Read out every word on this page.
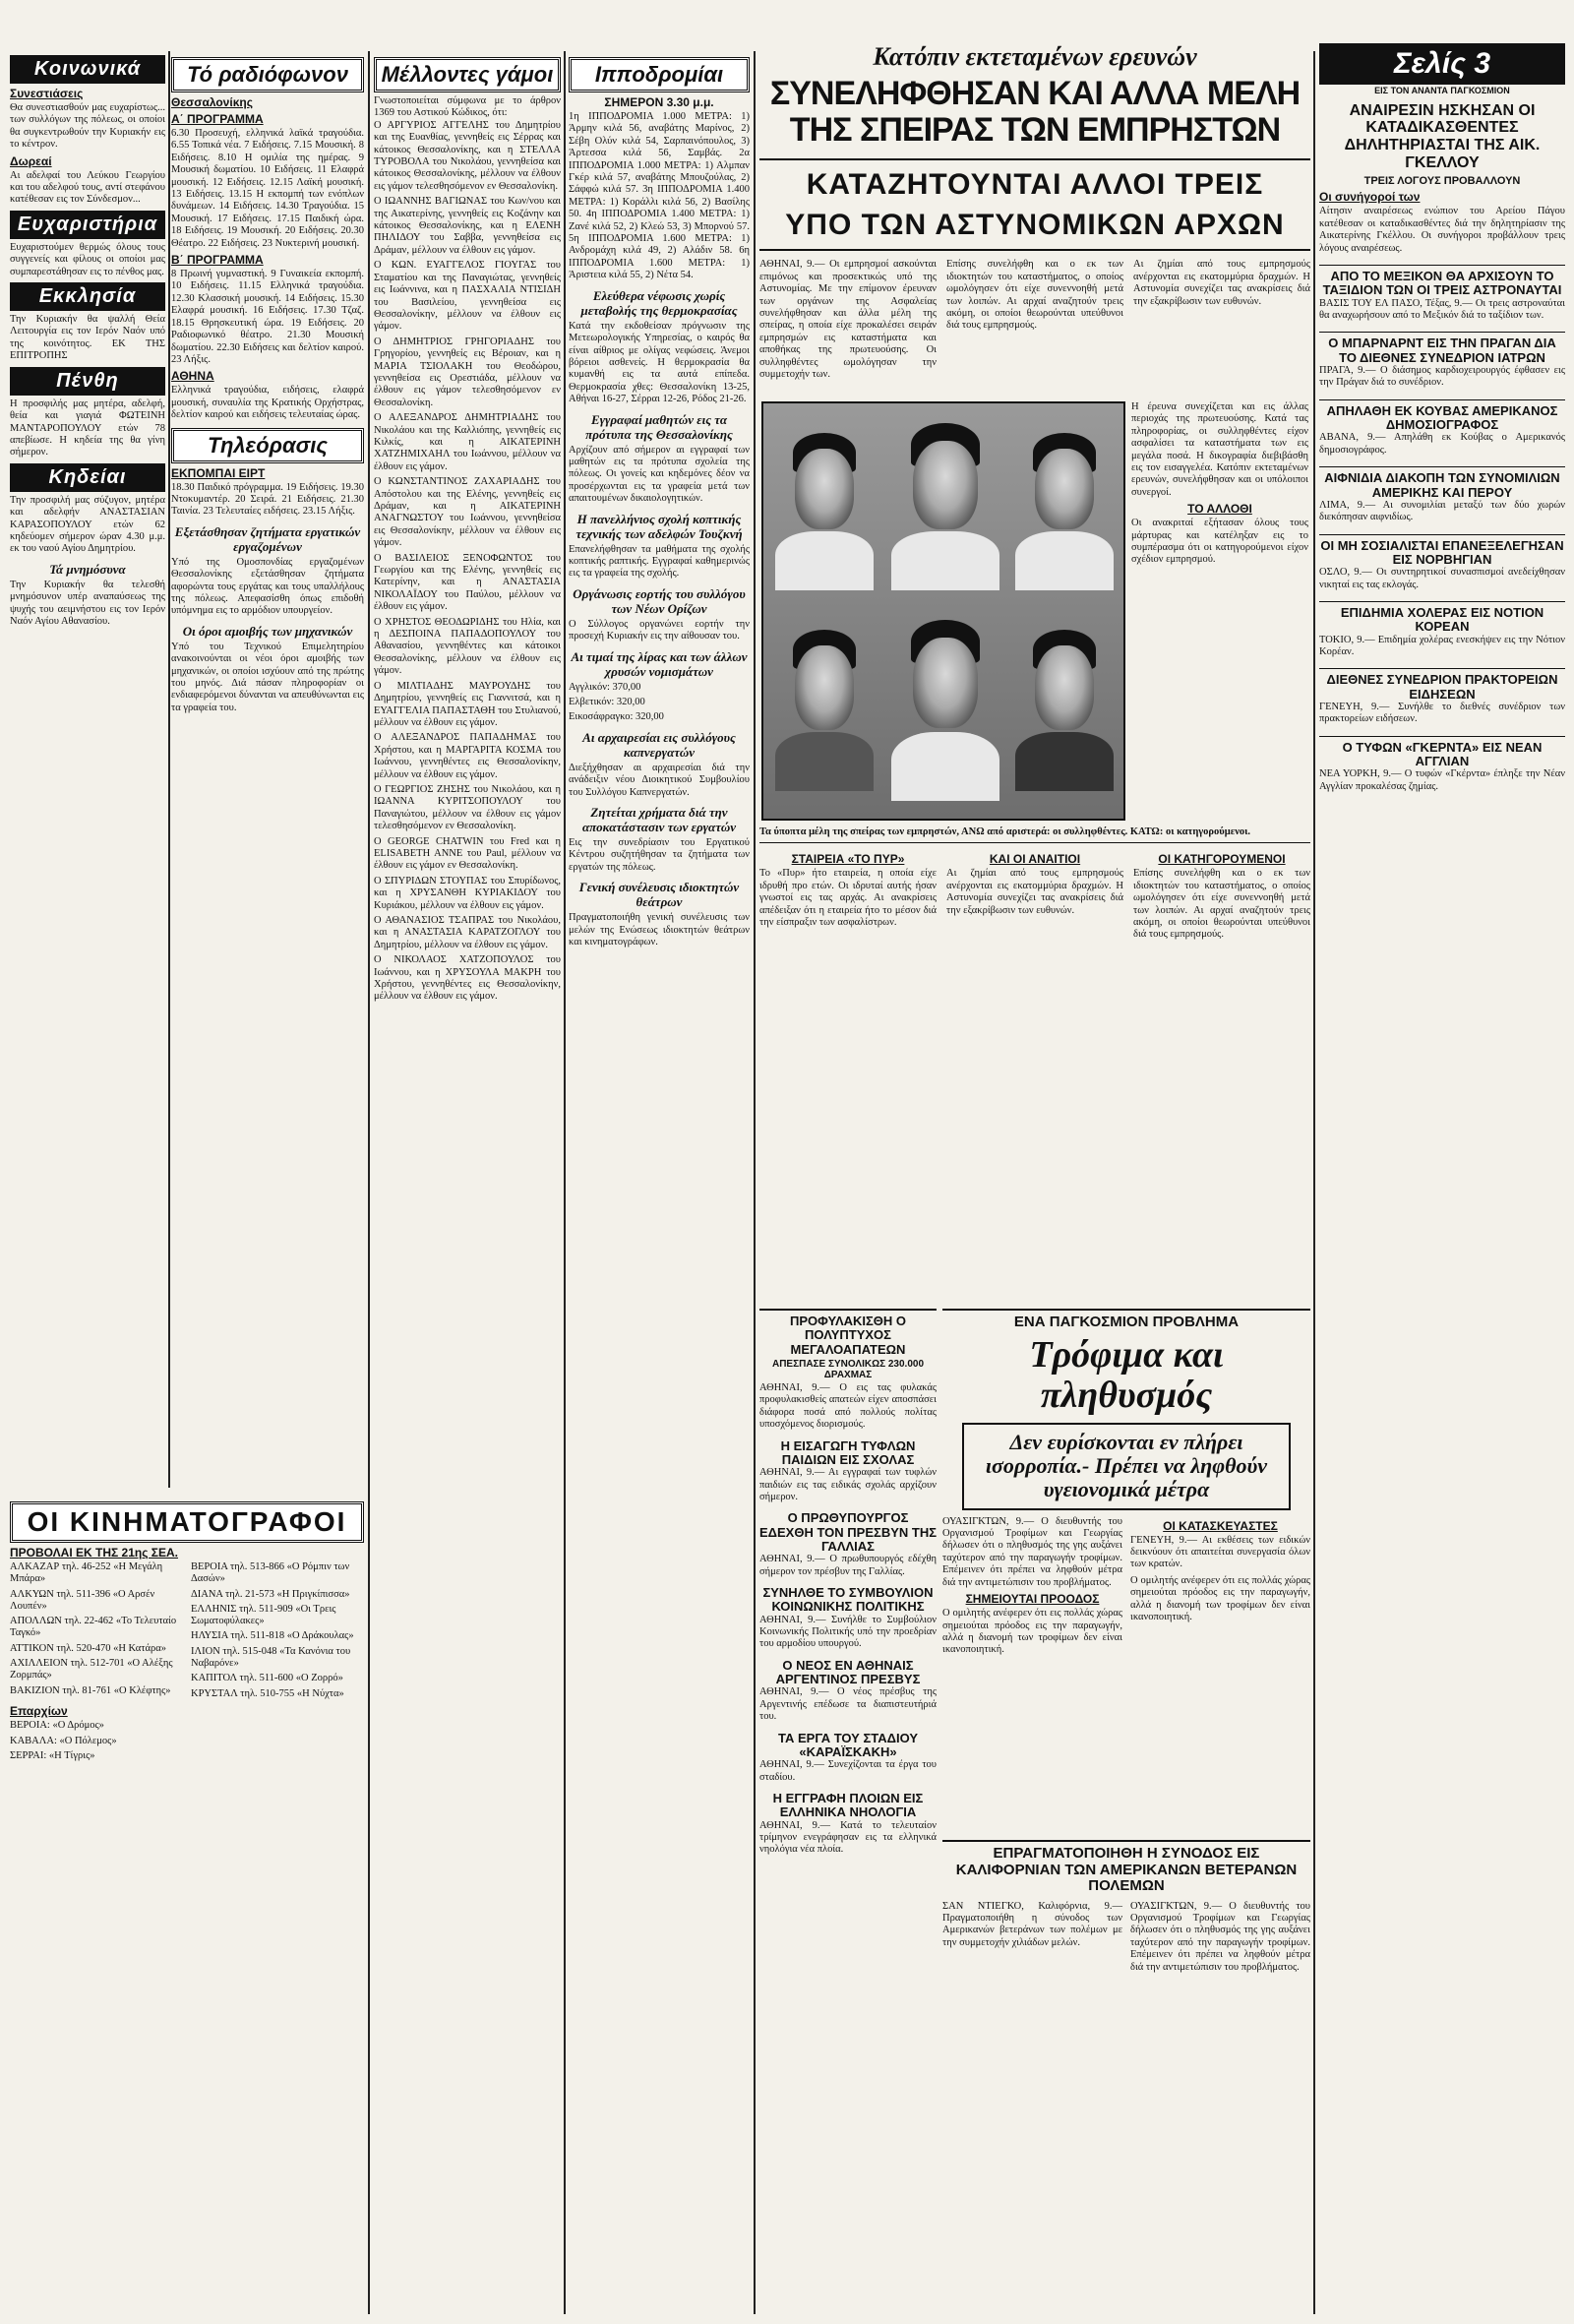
Κοινωνικά
Συνεστιάσεις
Θα συνεστιασθούν μας ευχαρίστως... των συλλόγων της πόλεως, οι οποίοι θα συγκεντρωθούν την Κυριακήν εις το κέντρον.
Δωρεαί
Αι αδελφαί του Λεύκου Γεωργίου και του αδελφού τους, αντί στεφάνου κατέθεσαν εις τον Σύνδεσμον...
Ευχαριστήρια
Ευχαριστούμεν θερμώς όλους τους συγγενείς και φίλους οι οποίοι μας συμπαρεστάθησαν εις το πένθος μας.
Εκκλησία
Την Κυριακήν θα ψαλλή Θεία Λειτουργία εις τον Ιερόν Ναόν υπό της κοινότητος. ΕΚ ΤΗΣ ΕΠΙΤΡΟΠΗΣ
Πένθη
Η προσφιλής μας μητέρα, αδελφή, θεία και γιαγιά ΦΩΤΕΙΝΗ ΜΑΝΤΑΡΟΠΟΥΛΟΥ ετών 78 απεβίωσε. Η κηδεία της θα γίνη σήμερον.
Κηδείαι
Την προσφιλή μας σύζυγον, μητέρα και αδελφήν ΑΝΑΣΤΑΣΙΑΝ ΚΑΡΑΣΟΠΟΥΛΟΥ ετών 62 κηδεύομεν σήμερον ώραν 4.30 μ.μ. εκ του ναού Αγίου Δημητρίου.
Τά μνημόσυνα
Την Κυριακήν θα τελεσθή μνημόσυνον υπέρ αναπαύσεως της ψυχής του αειμνήστου εις τον Ιερόν Ναόν Αγίου Αθανασίου.
Τό ραδιόφωνον
Θεσσαλονίκης
Α΄ ΠΡΟΓΡΑΜΜΑ
6.30 Προσευχή, ελληνικά λαϊκά τραγούδια. 6.55 Τοπικά νέα. 7 Ειδήσεις. 7.15 Μουσική. 8 Ειδήσεις. 8.10 Η ομιλία της ημέρας. 9 Μουσική δωματίου. 10 Ειδήσεις. 11 Ελαφρά μουσική. 12 Ειδήσεις. 12.15 Λαϊκή μουσική. 13 Ειδήσεις. 13.15 Η εκπομπή των ενόπλων δυνάμεων. 14 Ειδήσεις. 14.30 Τραγούδια. 15 Μουσική. 17 Ειδήσεις. 17.15 Παιδική ώρα. 18 Ειδήσεις. 19 Μουσική. 20 Ειδήσεις. 20.30 Θέατρο. 22 Ειδήσεις. 23 Νυκτερινή μουσική.
Β΄ ΠΡΟΓΡΑΜΜΑ
8 Πρωινή γυμναστική. 9 Γυναικεία εκπομπή. 10 Ειδήσεις. 11.15 Ελληνικά τραγούδια. 12.30 Κλασσική μουσική. 14 Ειδήσεις. 15.30 Ελαφρά μουσική. 16 Ειδήσεις. 17.30 Τζαζ. 18.15 Θρησκευτική ώρα. 19 Ειδήσεις. 20 Ραδιοφωνικό θέατρο. 21.30 Μουσική δωματίου. 22.30 Ειδήσεις και δελτίον καιρού. 23 Λήξις.
ΑΘΗΝΑ
Ελληνικά τραγούδια, ειδήσεις, ελαφρά μουσική, συναυλία της Κρατικής Ορχήστρας, δελτίον καιρού και ειδήσεις τελευταίας ώρας.
Τηλεόρασις
ΕΚΠΟΜΠΑΙ ΕΙΡΤ
18.30 Παιδικό πρόγραμμα. 19 Ειδήσεις. 19.30 Ντοκυμαντέρ. 20 Σειρά. 21 Ειδήσεις. 21.30 Ταινία. 23 Τελευταίες ειδήσεις. 23.15 Λήξις.
Εξετάσθησαν ζητήματα εργατικών εργαζομένων
Υπό της Ομοσπονδίας εργαζομένων Θεσσαλονίκης εξετάσθησαν ζητήματα αφορώντα τους εργάτας και τους υπαλλήλους της πόλεως. Απεφασίσθη όπως επιδοθή υπόμνημα εις το αρμόδιον υπουργείον.
Οι όροι αμοιβής των μηχανικών
Υπό του Τεχνικού Επιμελητηρίου ανακοινούνται οι νέοι όροι αμοιβής των μηχανικών, οι οποίοι ισχύουν από της πρώτης του μηνός. Διά πάσαν πληροφορίαν οι ενδιαφερόμενοι δύνανται να απευθύνωνται εις τα γραφεία του.
ΟΙ ΚΙΝΗΜΑΤΟΓΡΑΦΟΙ
ΠΡΟΒΟΛΑΙ ΕΚ ΤΗΣ 21ης ΣΕΑ.
ΑΛΚΑΖΑΡ τηλ. 46-252 «Η Μεγάλη Μπάρα»
ΑΛΚΥΩΝ τηλ. 511-396 «Ο Αρσέν Λουπέν»
ΑΠΟΛΛΩΝ τηλ. 22-462 «Το Τελευταίο Ταγκό»
ΑΤΤΙΚΟΝ τηλ. 520-470 «Η Κατάρα»
ΑΧΙΛΛΕΙΟΝ τηλ. 512-701 «Ο Αλέξης Ζορμπάς»
ΒΑΚΙΖΙΟΝ τηλ. 81-761 «Ο Κλέφτης»
ΒΕΡΟΙΑ τηλ. 513-866 «Ο Ρόμπιν των Δασών»
ΔΙΑΝΑ τηλ. 21-573 «Η Πριγκίπισσα»
ΕΛΛΗΝΙΣ τηλ. 511-909 «Οι Τρεις Σωματοφύλακες»
ΗΛΥΣΙΑ τηλ. 511-818 «Ο Δράκουλας»
ΙΛΙΟΝ τηλ. 515-048 «Τα Κανόνια του Ναβαρόνε»
ΚΑΠΙΤΟΛ τηλ. 511-600 «Ο Ζορρό»
ΚΡΥΣΤΑΛ τηλ. 510-755 «Η Νύχτα»
Επαρχίων
ΒΕΡΟΙΑ: «Ο Δρόμος»
ΚΑΒΑΛΑ: «Ο Πόλεμος»
ΣΕΡΡΑΙ: «Η Τίγρις»
Μέλλοντες γάμοι
Γνωστοποιείται σύμφωνα με το άρθρον 1369 του Αστικού Κώδικος, ότι:
Ο ΑΡΓΥΡΙΟΣ ΑΓΓΕΛΗΣ του Δημητρίου και της Ευανθίας, γεννηθείς εις Σέρρας και κάτοικος Θεσσαλονίκης, και η ΣΤΕΛΛΑ ΤΥΡΟΒΟΛΑ του Νικολάου, γεννηθείσα και κάτοικος Θεσσαλονίκης, μέλλουν να έλθουν εις γάμον τελεσθησόμενον εν Θεσσαλονίκη.
Ο ΙΩΑΝΝΗΣ ΒΑΓΙΩΝΑΣ του Κων/νου και της Αικατερίνης, γεννηθείς εις Κοζάνην και κάτοικος Θεσσαλονίκης, και η ΕΛΕΝΗ ΠΗΛΙΔΟΥ του Σαββα, γεννηθείσα εις Δράμαν, μέλλουν να έλθουν εις γάμον.
Ο ΚΩΝ. ΕΥΑΓΓΕΛΟΣ ΓΙΟΥΓΑΣ του Σταματίου και της Παναγιώτας, γεννηθείς εις Ιωάννινα, και η ΠΑΣΧΑΛΙΑ ΝΤΙΣΙΔΗ του Βασιλείου, γεννηθείσα εις Θεσσαλονίκην, μέλλουν να έλθουν εις γάμον.
Ο ΔΗΜΗΤΡΙΟΣ ΓΡΗΓΟΡΙΑΔΗΣ του Γρηγορίου, γεννηθείς εις Βέροιαν, και η ΜΑΡΙΑ ΤΣΙΟΛΑΚΗ του Θεοδώρου, γεννηθείσα εις Ορεστιάδα, μέλλουν να έλθουν εις γάμον τελεσθησόμενον εν Θεσσαλονίκη.
Ο ΑΛΕΞΑΝΔΡΟΣ ΔΗΜΗΤΡΙΑΔΗΣ του Νικολάου και της Καλλιόπης, γεννηθείς εις Κιλκίς, και η ΑΙΚΑΤΕΡΙΝΗ ΧΑΤΖΗΜΙΧΑΗΛ του Ιωάννου, μέλλουν να έλθουν εις γάμον.
Ο ΚΩΝΣΤΑΝΤΙΝΟΣ ΖΑΧΑΡΙΑΔΗΣ του Απόστολου και της Ελένης, γεννηθείς εις Δράμαν, και η ΑΙΚΑΤΕΡΙΝΗ ΑΝΑΓΝΩΣΤΟΥ του Ιωάννου, γεννηθείσα εις Θεσσαλονίκην, μέλλουν να έλθουν εις γάμον.
Ο ΒΑΣΙΛΕΙΟΣ ΞΕΝΟΦΩΝΤΟΣ του Γεωργίου και της Ελένης, γεννηθείς εις Κατερίνην, και η ΑΝΑΣΤΑΣΙΑ ΝΙΚΟΛΑΪΔΟΥ του Παύλου, μέλλουν να έλθουν εις γάμον.
Ο ΧΡΗΣΤΟΣ ΘΕΟΔΩΡΙΔΗΣ του Ηλία, και η ΔΕΣΠΟΙΝΑ ΠΑΠΑΔΟΠΟΥΛΟΥ του Αθανασίου, γεννηθέντες και κάτοικοι Θεσσαλονίκης, μέλλουν να έλθουν εις γάμον.
Ο ΜΙΛΤΙΑΔΗΣ ΜΑΥΡΟΥΔΗΣ του Δημητρίου, γεννηθείς εις Γιαννιτσά, και η ΕΥΑΓΓΕΛΙΑ ΠΑΠΑΣΤΑΘΗ του Στυλιανού, μέλλουν να έλθουν εις γάμον.
Ο ΑΛΕΞΑΝΔΡΟΣ ΠΑΠΑΔΗΜΑΣ του Χρήστου, και η ΜΑΡΓΑΡΙΤΑ ΚΟΣΜΑ του Ιωάννου, γεννηθέντες εις Θεσσαλονίκην, μέλλουν να έλθουν εις γάμον.
Ο ΓΕΩΡΓΙΟΣ ΖΗΣΗΣ του Νικολάου, και η ΙΩΑΝΝΑ ΚΥΡΙΤΣΟΠΟΥΛΟΥ του Παναγιώτου, μέλλουν να έλθουν εις γάμον τελεσθησόμενον εν Θεσσαλονίκη.
Ο GEORGE CHATWIN του Fred και η ELISABETH ANNE του Paul, μέλλουν να έλθουν εις γάμον εν Θεσσαλονίκη.
Ο ΣΠΥΡΙΔΩΝ ΣΤΟΥΠΑΣ του Σπυρίδωνος, και η ΧΡΥΣΑΝΘΗ ΚΥΡΙΑΚΙΔΟΥ του Κυριάκου, μέλλουν να έλθουν εις γάμον.
Ο ΑΘΑΝΑΣΙΟΣ ΤΣΑΠΡΑΣ του Νικολάου, και η ΑΝΑΣΤΑΣΙΑ ΚΑΡΑΤΖΟΓΛΟΥ του Δημητρίου, μέλλουν να έλθουν εις γάμον.
Ο ΝΙΚΟΛΑΟΣ ΧΑΤΖΟΠΟΥΛΟΣ του Ιωάννου, και η ΧΡΥΣΟΥΛΑ ΜΑΚΡΗ του Χρήστου, γεννηθέντες εις Θεσσαλονίκην, μέλλουν να έλθουν εις γάμον.
Ιπποδρομίαι
ΣΗΜΕΡΟΝ 3.30 μ.μ.
1η ΙΠΠΟΔΡΟΜΙΑ 1.000 ΜΕΤΡΑ: 1) Άρμην κιλά 56, αναβάτης Μαρίνος, 2) Σέβη Ολύν κιλά 54, Σαρπαινόπουλος, 3) Άρτεσσα κιλά 56, Σαμβάς. 2α ΙΠΠΟΔΡΟΜΙΑ 1.000 ΜΕΤΡΑ: 1) Αλμπαν Γκέρ κιλά 57, αναβάτης Μπουζούλας, 2) Σάφφώ κιλά 57. 3η ΙΠΠΟΔΡΟΜΙΑ 1.400 ΜΕΤΡΑ: 1) Κοράλλι κιλά 56, 2) Βασίλης 50. 4η ΙΠΠΟΔΡΟΜΙΑ 1.400 ΜΕΤΡΑ: 1) Ζανέ κιλά 52, 2) Κλεώ 53, 3) Μπορνού 57. 5η ΙΠΠΟΔΡΟΜΙΑ 1.600 ΜΕΤΡΑ: 1) Ανδρομάχη κιλά 49, 2) Αλάδιν 58. 6η ΙΠΠΟΔΡΟΜΙΑ 1.600 ΜΕΤΡΑ: 1) Άριστεια κιλά 55, 2) Νέτα 54.
Ελεύθερα νέφωσις χωρίς μεταβολής της θερμοκρασίας
Κατά την εκδοθείσαν πρόγνωσιν της Μετεωρολογικής Υπηρεσίας, ο καιρός θα είναι αίθριος με ολίγας νεφώσεις. Άνεμοι βόρειοι ασθενείς. Η θερμοκρασία θα κυμανθή εις τα αυτά επίπεδα. Θερμοκρασία χθες: Θεσσαλονίκη 13-25, Αθήναι 16-27, Σέρραι 12-26, Ρόδος 21-26.
Εγγραφαί μαθητών εις τα πρότυπα της Θεσσαλονίκης
Αρχίζουν από σήμερον αι εγγραφαί των μαθητών εις τα πρότυπα σχολεία της πόλεως. Οι γονείς και κηδεμόνες δέον να προσέρχωνται εις τα γραφεία μετά των απαιτουμένων δικαιολογητικών.
Η πανελλήνιος σχολή κοπτικής τεχνικής των αδελφών Τουζκνή
Επανελήφθησαν τα μαθήματα της σχολής κοπτικής ραπτικής. Εγγραφαί καθημερινώς εις τα γραφεία της σχολής.
Οργάνωσις εορτής του συλλόγου των Νέων Ορίζων
Ο Σύλλογος οργανώνει εορτήν την προσεχή Κυριακήν εις την αίθουσαν του.
Αι τιμαί της λίρας και των άλλων χρυσών νομισμάτων
Αγγλικόν: 370,00
Ελβετικόν: 320,00
Εικοσάφραγκο: 320,00
Αι αρχαιρεσίαι εις συλλόγους καπνεργατών
Διεξήχθησαν αι αρχαιρεσίαι διά την ανάδειξιν νέου Διοικητικού Συμβουλίου του Συλλόγου Καπνεργατών.
Ζητείται χρήματα διά την αποκατάστασιν των εργατών
Εις την συνεδρίασιν του Εργατικού Κέντρου συζητήθησαν τα ζητήματα των εργατών της πόλεως.
Γενική συνέλευσις ιδιοκτητών θεάτρων
Πραγματοποιήθη γενική συνέλευσις των μελών της Ενώσεως ιδιοκτητών θεάτρων και κινηματογράφων.
Κατόπιν εκτεταμένων ερευνών
ΣΥΝΕΛΗΦΘΗΣΑΝ ΚΑΙ ΑΛΛΑ ΜΕΛΗ
ΤΗΣ ΣΠΕΙΡΑΣ ΤΩΝ ΕΜΠΡΗΣΤΩΝ
ΚΑΤΑΖΗΤΟΥΝΤΑΙ ΑΛΛΟΙ ΤΡΕΙΣ
ΥΠΟ ΤΩΝ ΑΣΤΥΝΟΜΙΚΩΝ ΑΡΧΩΝ
ΑΘΗΝΑΙ, 9.— Οι εμπρησμοί ασκούνται επιμόνως και προσεκτικώς υπό της Αστυνομίας. Με την επίμονον έρευναν των οργάνων της Ασφαλείας συνελήφθησαν και άλλα μέλη της σπείρας, η οποία είχε προκαλέσει σειράν εμπρησμών εις καταστήματα και αποθήκας της πρωτευούσης. Οι συλληφθέντες ωμολόγησαν την συμμετοχήν των.
Επίσης συνελήφθη και ο εκ των ιδιοκτητών του καταστήματος, ο οποίος ωμολόγησεν ότι είχε συνεννοηθή μετά των λοιπών. Αι αρχαί αναζητούν τρεις ακόμη, οι οποίοι θεωρούνται υπεύθυνοι διά τους εμπρησμούς.
Αι ζημίαι από τους εμπρησμούς ανέρχονται εις εκατομμύρια δραχμών. Η Αστυνομία συνεχίζει τας ανακρίσεις διά την εξακρίβωσιν των ευθυνών.
Η έρευνα συνεχίζεται και εις άλλας περιοχάς της πρωτευούσης. Κατά τας πληροφορίας, οι συλληφθέντες είχον ασφαλίσει τα καταστήματα των εις μεγάλα ποσά. Η δικογραφία διεβιβάσθη εις τον εισαγγελέα. Κατόπιν εκτεταμένων ερευνών, συνελήφθησαν και οι υπόλοιποι συνεργοί.
ΤΟ ΑΛΛΟΘΙ
Οι ανακριταί εξήτασαν όλους τους μάρτυρας και κατέληξαν εις το συμπέρασμα ότι οι κατηγορούμενοι είχον σχέδιον εμπρησμού.
Τα ύποπτα μέλη της σπείρας των εμπρηστών, ΑΝΩ από αριστερά: οι συλληφθέντες. ΚΑΤΩ: οι κατηγορούμενοι.
ΣΤΑΙΡΕΙΑ «ΤΟ ΠΥΡ»
Το «Πυρ» ήτο εταιρεία, η οποία είχε ιδρυθή προ ετών. Οι ιδρυταί αυτής ήσαν γνωστοί εις τας αρχάς. Αι ανακρίσεις απέδειξαν ότι η εταιρεία ήτο το μέσον διά την είσπραξιν των ασφαλίστρων.
ΚΑΙ ΟΙ ΑΝΑΙΤΙΟΙ
Αι ζημίαι από τους εμπρησμούς ανέρχονται εις εκατομμύρια δραχμών. Η Αστυνομία συνεχίζει τας ανακρίσεις διά την εξακρίβωσιν των ευθυνών.
ΟΙ ΚΑΤΗΓΟΡΟΥΜΕΝΟΙ
Επίσης συνελήφθη και ο εκ των ιδιοκτητών του καταστήματος, ο οποίος ωμολόγησεν ότι είχε συνεννοηθή μετά των λοιπών. Αι αρχαί αναζητούν τρεις ακόμη, οι οποίοι θεωρούνται υπεύθυνοι διά τους εμπρησμούς.
ΠΡΟΦΥΛΑΚΙΣΘΗ Ο ΠΟΛΥΠΤΥΧΟΣ ΜΕΓΑΛΟΑΠΑΤΕΩΝ
ΑΠΕΣΠΑΣΕ ΣΥΝΟΛΙΚΩΣ 230.000 ΔΡΑΧΜΑΣ
ΑΘΗΝΑΙ, 9.— Ο εις τας φυλακάς προφυλακισθείς απατεών είχεν αποσπάσει διάφορα ποσά από πολλούς πολίτας υποσχόμενος διορισμούς.
Η ΕΙΣΑΓΩΓΗ ΤΥΦΛΩΝ ΠΑΙΔΙΩΝ ΕΙΣ ΣΧΟΛΑΣ
ΑΘΗΝΑΙ, 9.— Αι εγγραφαί των τυφλών παιδιών εις τας ειδικάς σχολάς αρχίζουν σήμερον.
Ο ΠΡΩΘΥΠΟΥΡΓΟΣ ΕΔΕΧΘΗ ΤΟΝ ΠΡΕΣΒΥΝ ΤΗΣ ΓΑΛΛΙΑΣ
ΑΘΗΝΑΙ, 9.— Ο πρωθυπουργός εδέχθη σήμερον τον πρέσβυν της Γαλλίας.
ΣΥΝΗΛΘΕ ΤΟ ΣΥΜΒΟΥΛΙΟΝ ΚΟΙΝΩΝΙΚΗΣ ΠΟΛΙΤΙΚΗΣ
ΑΘΗΝΑΙ, 9.— Συνήλθε το Συμβούλιον Κοινωνικής Πολιτικής υπό την προεδρίαν του αρμοδίου υπουργού.
Ο ΝΕΟΣ ΕΝ ΑΘΗΝΑΙΣ ΑΡΓΕΝΤΙΝΟΣ ΠΡΕΣΒΥΣ
ΑΘΗΝΑΙ, 9.— Ο νέος πρέσβυς της Αργεντινής επέδωσε τα διαπιστευτήριά του.
ΤΑ ΕΡΓΑ ΤΟΥ ΣΤΑΔΙΟΥ «ΚΑΡΑΪΣΚΑΚΗ»
ΑΘΗΝΑΙ, 9.— Συνεχίζονται τα έργα του σταδίου.
Η ΕΓΓΡΑΦΗ ΠΛΟΙΩΝ ΕΙΣ ΕΛΛΗΝΙΚΑ ΝΗΟΛΟΓΙΑ
ΑΘΗΝΑΙ, 9.— Κατά το τελευταίον τρίμηνον ενεγράφησαν εις τα ελληνικά νηολόγια νέα πλοία.
ΕΝΑ ΠΑΓΚΟΣΜΙΟΝ ΠΡΟΒΛΗΜΑ
Τρόφιμα και πληθυσμός
Δεν ευρίσκονται εν πλήρει ισορροπία.- Πρέπει να ληφθούν υγειονομικά μέτρα
ΟΥΑΣΙΓΚΤΩΝ, 9.— Ο διευθυντής του Οργανισμού Τροφίμων και Γεωργίας δήλωσεν ότι ο πληθυσμός της γης αυξάνει ταχύτερον από την παραγωγήν τροφίμων. Επέμεινεν ότι πρέπει να ληφθούν μέτρα διά την αντιμετώπισιν του προβλήματος.
ΣΗΜΕΙΟΥΤΑΙ ΠΡΟΟΔΟΣ
Ο ομιλητής ανέφερεν ότι εις πολλάς χώρας σημειούται πρόοδος εις την παραγωγήν, αλλά η διανομή των τροφίμων δεν είναι ικανοποιητική.
ΟΙ ΚΑΤΑΣΚΕΥΑΣΤΕΣ
ΓΕΝΕΥΗ, 9.— Αι εκθέσεις των ειδικών δεικνύουν ότι απαιτείται συνεργασία όλων των κρατών.
Ο ομιλητής ανέφερεν ότι εις πολλάς χώρας σημειούται πρόοδος εις την παραγωγήν, αλλά η διανομή των τροφίμων δεν είναι ικανοποιητική.
ΕΠΡΑΓΜΑΤΟΠΟΙΗΘΗ Η ΣΥΝΟΔΟΣ ΕΙΣ ΚΑΛΙΦΟΡΝΙΑΝ ΤΩΝ ΑΜΕΡΙΚΑΝΩΝ ΒΕΤΕΡΑΝΩΝ ΠΟΛΕΜΩΝ
ΣΑΝ ΝΤΙΕΓΚΟ, Καλιφόρνια, 9.— Πραγματοποιήθη η σύνοδος των Αμερικανών βετεράνων των πολέμων με την συμμετοχήν χιλιάδων μελών.
ΟΥΑΣΙΓΚΤΩΝ, 9.— Ο διευθυντής του Οργανισμού Τροφίμων και Γεωργίας δήλωσεν ότι ο πληθυσμός της γης αυξάνει ταχύτερον από την παραγωγήν τροφίμων. Επέμεινεν ότι πρέπει να ληφθούν μέτρα διά την αντιμετώπισιν του προβλήματος.
Σελίς 3
ΕΙΣ ΤΟΝ ΑΝΑΝΤΑ ΠΑΓΚΟΣΜΙΟΝ
ΑΝΑΙΡΕΣΙΝ ΗΣΚΗΣΑΝ ΟΙ ΚΑΤΑΔΙΚΑΣΘΕΝΤΕΣ ΔΗΛΗΤΗΡΙΑΣΤΑΙ ΤΗΣ ΑΙΚ. ΓΚΕΛΛΟΥ
ΤΡΕΙΣ ΛΟΓΟΥΣ ΠΡΟΒΑΛΛΟΥΝ
Οι συνήγοροί των
Αίτησιν αναιρέσεως ενώπιον του Αρείου Πάγου κατέθεσαν οι καταδικασθέντες διά την δηλητηρίασιν της Αικατερίνης Γκέλλου. Οι συνήγοροι προβάλλουν τρεις λόγους αναιρέσεως.
ΑΠΟ ΤΟ ΜΕΞΙΚΟΝ ΘΑ ΑΡΧΙΣΟΥΝ ΤΟ ΤΑΞΙΔΙΟΝ ΤΩΝ ΟΙ ΤΡΕΙΣ ΑΣΤΡΟΝΑΥΤΑΙ
ΒΑΣΙΣ ΤΟΥ ΕΛ ΠΑΣΟ, Τέξας, 9.— Οι τρεις αστροναύται θα αναχωρήσουν από το Μεξικόν διά το ταξίδιον των.
Ο ΜΠΑΡΝΑΡΝΤ ΕΙΣ ΤΗΝ ΠΡΑΓΑΝ ΔΙΑ ΤΟ ΔΙΕΘΝΕΣ ΣΥΝΕΔΡΙΟΝ ΙΑΤΡΩΝ
ΠΡΑΓΑ, 9.— Ο διάσημος καρδιοχειρουργός έφθασεν εις την Πράγαν διά το συνέδριον.
ΑΠΗΛΑΘΗ ΕΚ ΚΟΥΒΑΣ ΑΜΕΡΙΚΑΝΟΣ ΔΗΜΟΣΙΟΓΡΑΦΟΣ
ΑΒΑΝΑ, 9.— Απηλάθη εκ Κούβας ο Αμερικανός δημοσιογράφος.
ΑΙΦΝΙΔΙΑ ΔΙΑΚΟΠΗ ΤΩΝ ΣΥΝΟΜΙΛΙΩΝ ΑΜΕΡΙΚΗΣ ΚΑΙ ΠΕΡΟΥ
ΛΙΜΑ, 9.— Αι συνομιλίαι μεταξύ των δύο χωρών διεκόπησαν αιφνιδίως.
ΟΙ ΜΗ ΣΟΣΙΑΛΙΣΤΑΙ ΕΠΑΝΕΞΕΛΕΓΗΣΑΝ ΕΙΣ ΝΟΡΒΗΓΙΑΝ
ΟΣΛΟ, 9.— Οι συντηρητικοί συνασπισμοί ανεδείχθησαν νικηταί εις τας εκλογάς.
ΕΠΙΔΗΜΙΑ ΧΟΛΕΡΑΣ ΕΙΣ ΝΟΤΙΟΝ ΚΟΡΕΑΝ
ΤΟΚΙΟ, 9.— Επιδημία χολέρας ενεσκήψεν εις την Νότιον Κορέαν.
ΔΙΕΘΝΕΣ ΣΥΝΕΔΡΙΟΝ ΠΡΑΚΤΟΡΕΙΩΝ ΕΙΔΗΣΕΩΝ
ΓΕΝΕΥΗ, 9.— Συνήλθε το διεθνές συνέδριον των πρακτορείων ειδήσεων.
Ο ΤΥΦΩΝ «ΓΚΕΡΝΤΑ» ΕΙΣ ΝΕΑΝ ΑΓΓΛΙΑΝ
ΝΕΑ ΥΟΡΚΗ, 9.— Ο τυφών «Γκέρντα» έπληξε την Νέαν Αγγλίαν προκαλέσας ζημίας.
